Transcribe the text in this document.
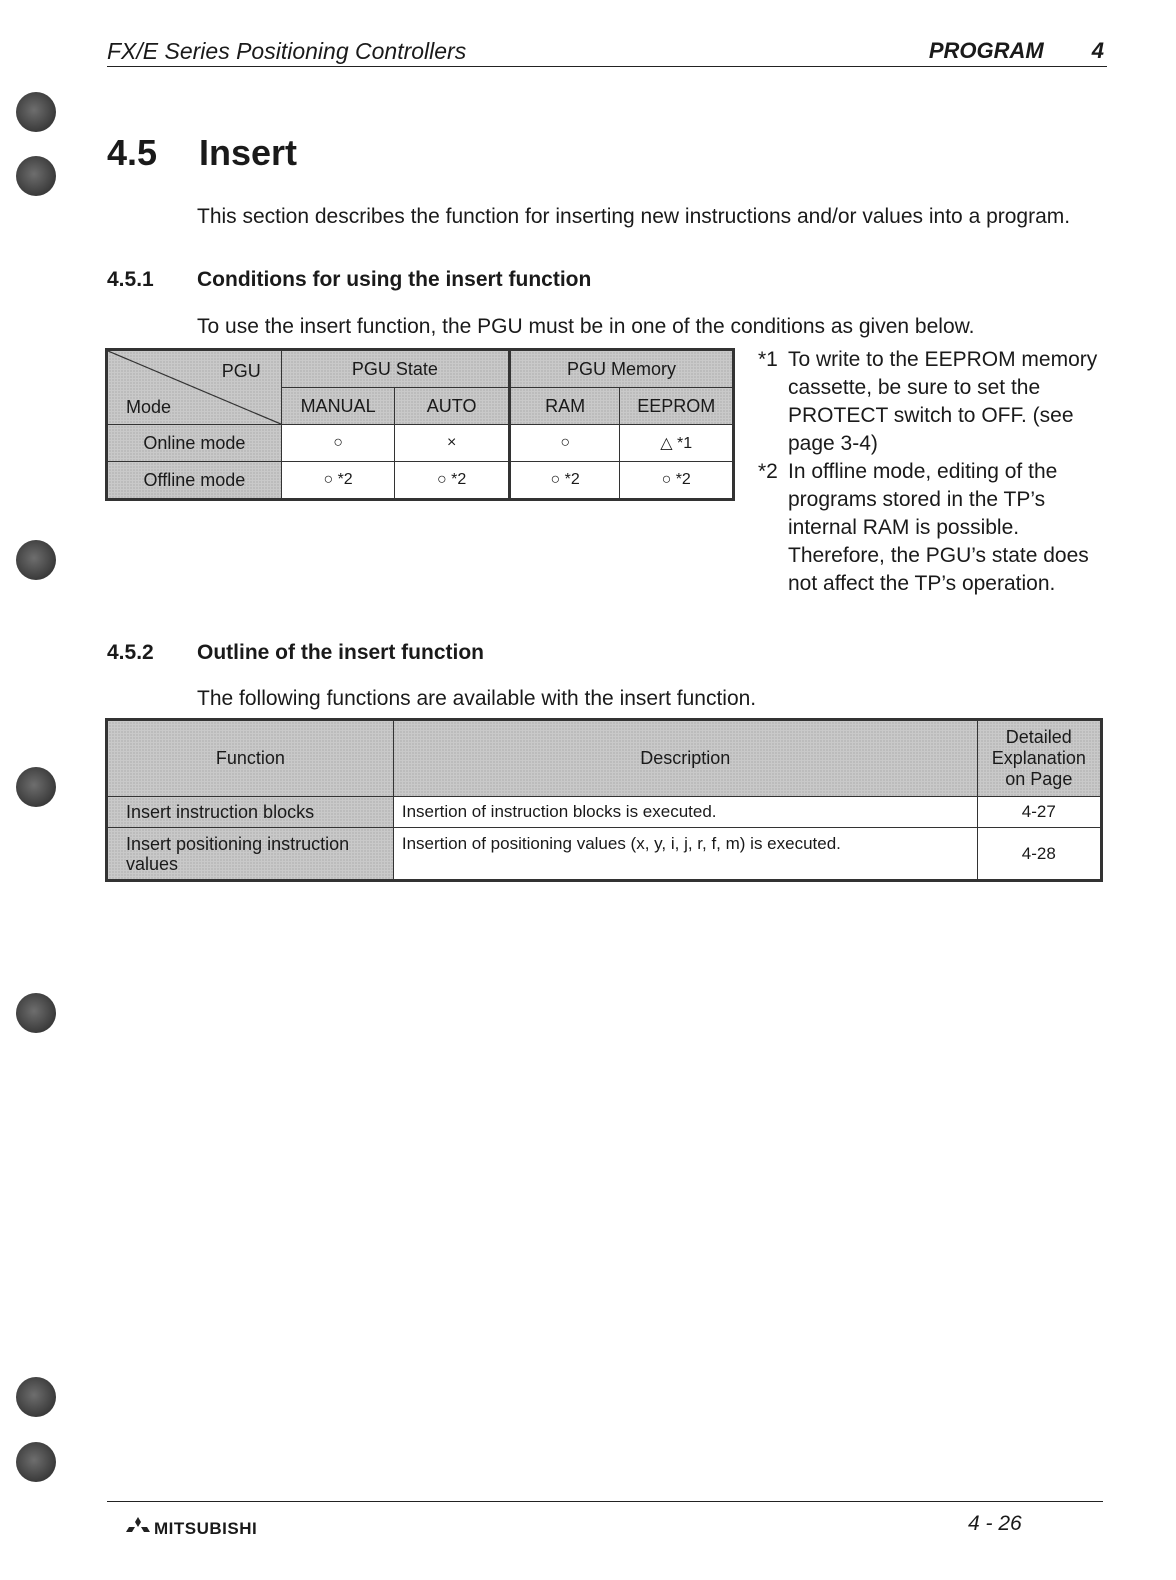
FX/E Series Positioning Controllers	PROGRAM 4
4.5 Insert
This section describes the function for inserting new instructions and/or values into a program.
4.5.1 Conditions for using the insert function
To use the insert function, the PGU must be in one of the conditions as given below.
PGU
Mode	PGU State		PGU Memory	
	MANUAL	AUTO	RAM	EEPROM
Online mode	○	×	○	△ *1
Offline mode	○ *2	○ *2	○ *2	○ *2
*1 To write to the EEPROM memory cassette, be sure to set the PROTECT switch to OFF. (see page 3-4)
*2 In offline mode, editing of the programs stored in the TP’s internal RAM is possible. Therefore, the PGU’s state does not affect the TP’s operation.
4.5.2 Outline of the insert function
The following functions are available with the insert function.
Function	Description	Detailed Explanation on Page
Insert instruction blocks	Insertion of instruction blocks is executed.	4-27
Insert positioning instruction values	Insertion of positioning values (x, y, i, j, r, f, m) is executed.	4-28
MITSUBISHI	4 - 26
